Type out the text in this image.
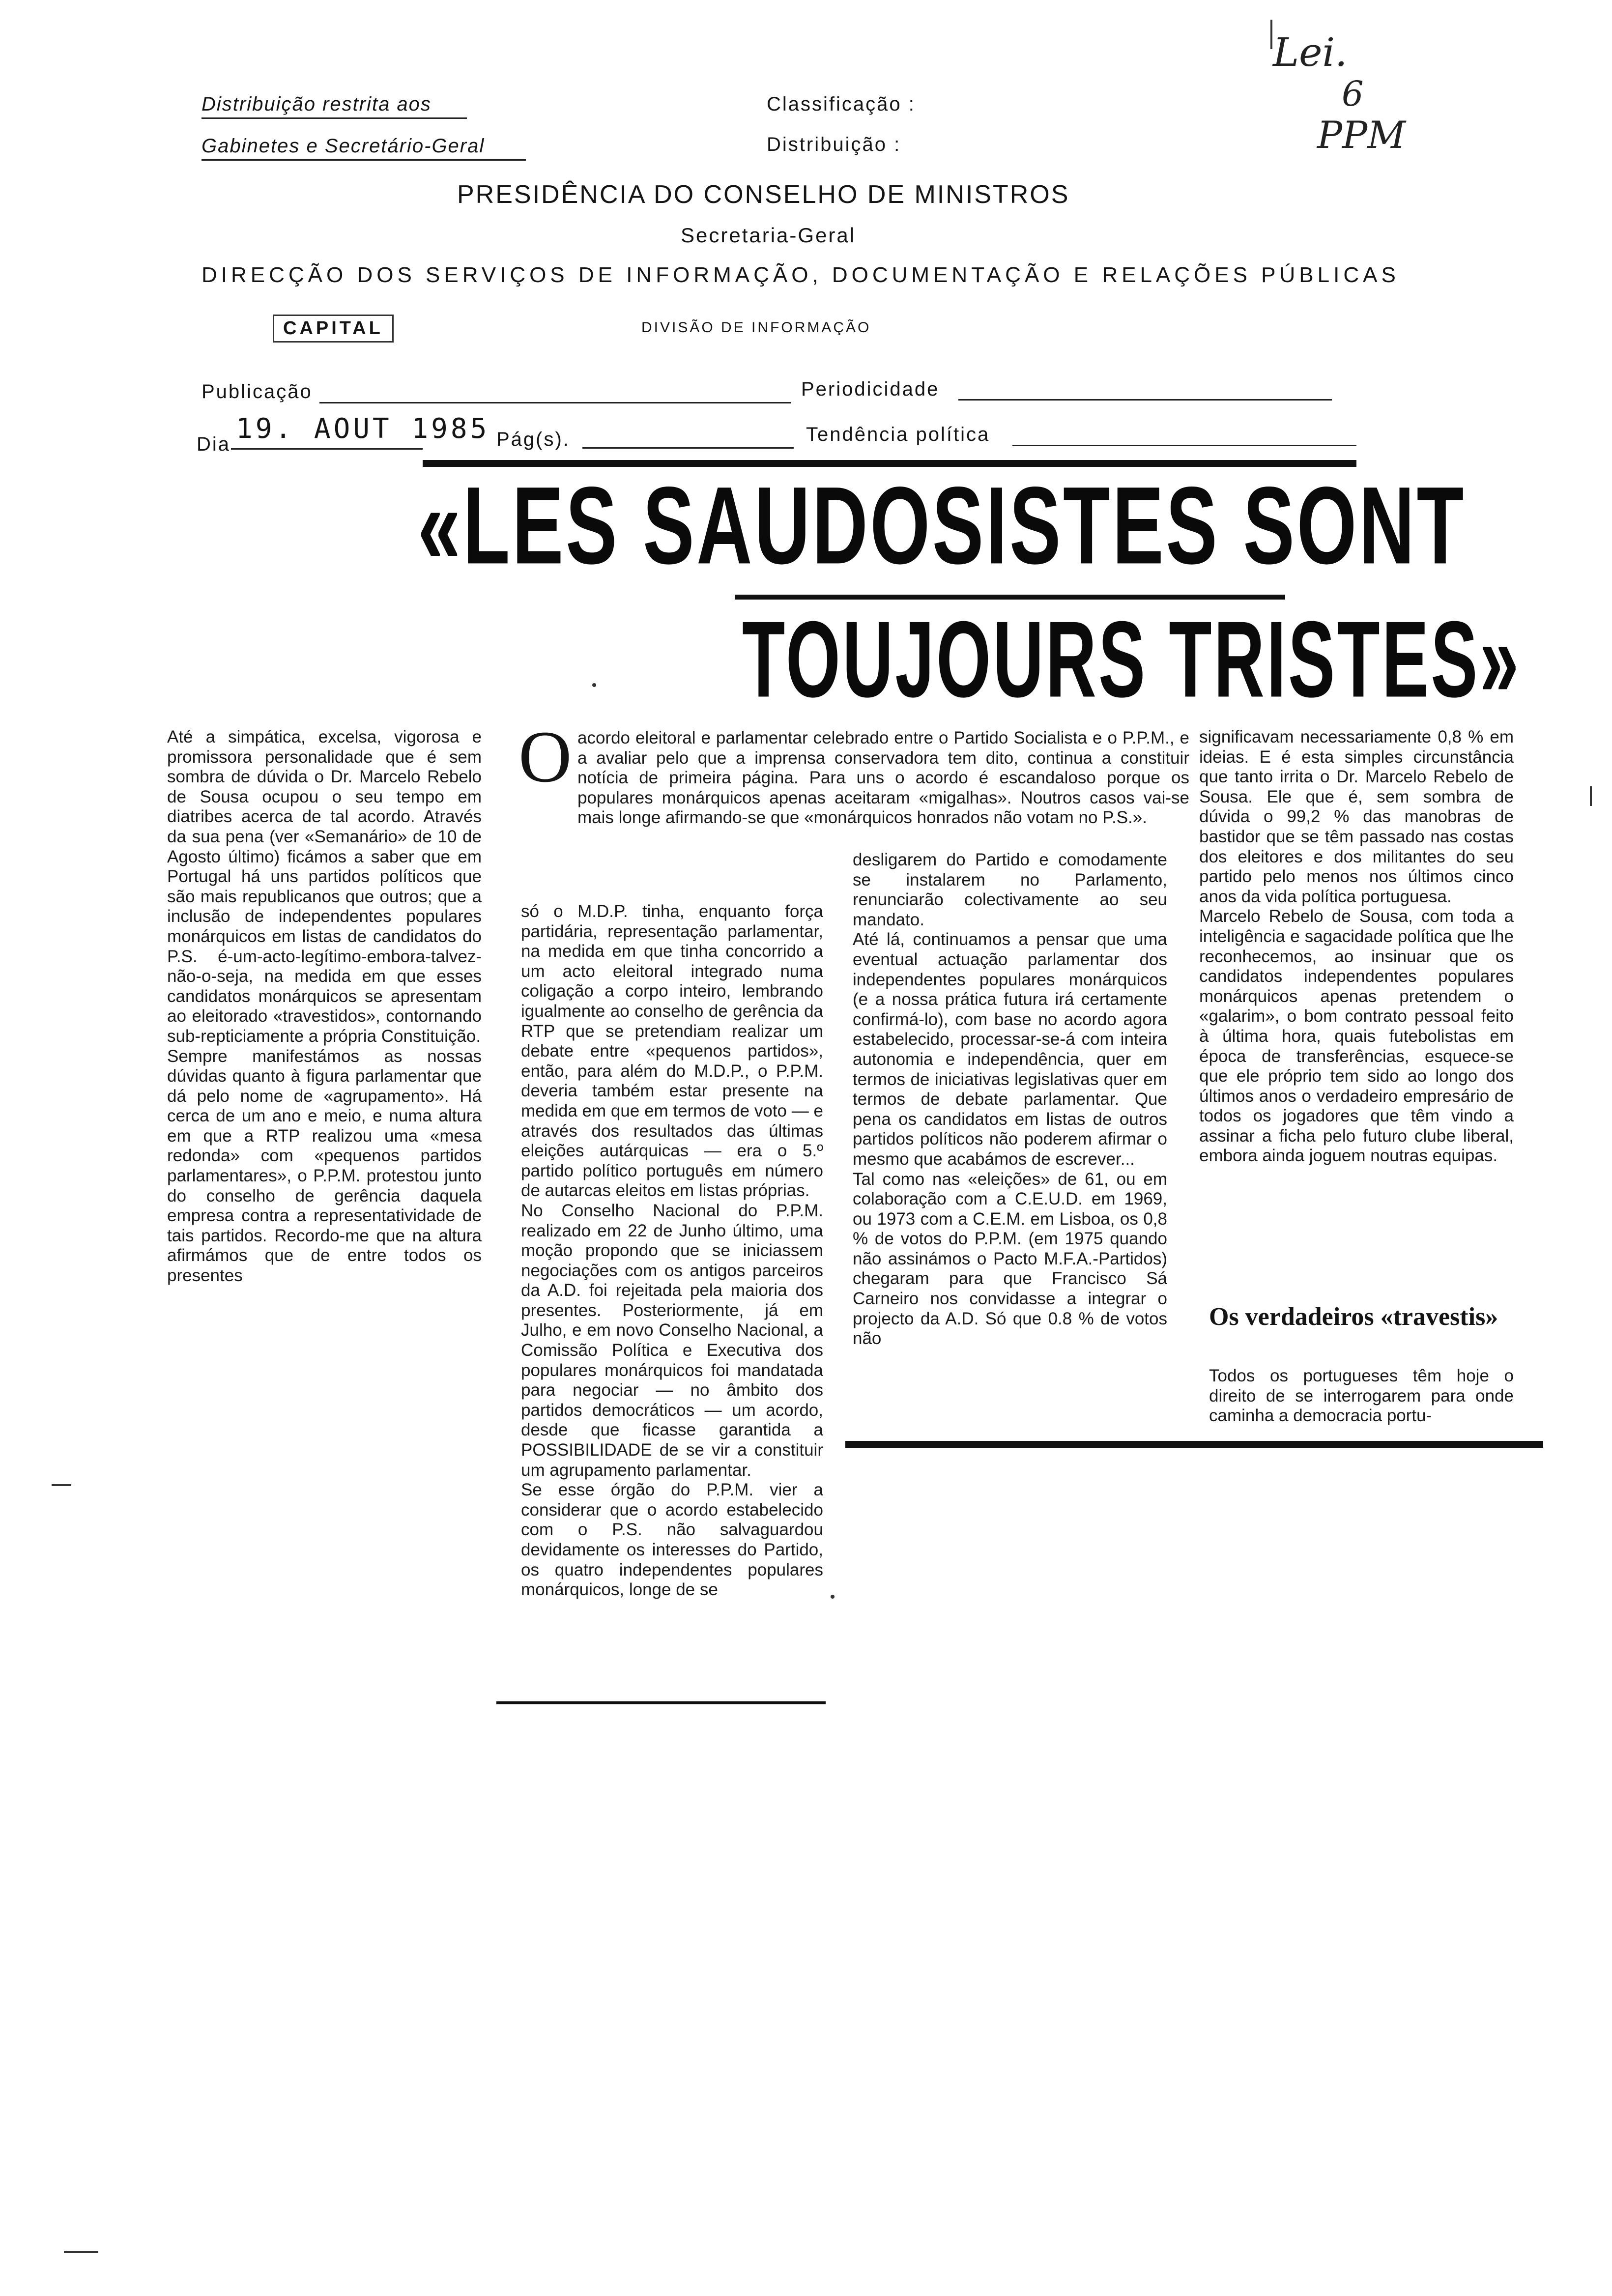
Distribuição restrita aos
Gabinetes e Secretário-Geral
Classificação :
Distribuição :
PRESIDÊNCIA DO CONSELHO DE MINISTROS
Secretaria-Geral
DIRECÇÃO DOS SERVIÇOS DE INFORMAÇÃO, DOCUMENTAÇÃO E RELAÇÕES PÚBLICAS
CAPITAL	DIVISÃO DE INFORMAÇÃO
Lei.
6
PPM
Publicação	Periodicidade
Dia 19. AOUT 1985 Pág(s).	Tendência política
«LES SAUDOSISTES SONT
TOUJOURS TRISTES»
Até a simpática, excelsa, vigorosa e promissora personalidade que é sem sombra de dúvida o Dr. Marcelo Rebelo de Sousa ocupou o seu tempo em diatribes acerca de tal acordo. Através da sua pena (ver «Semanário» de 10 de Agosto último) ficámos a saber que em Portugal há uns partidos políticos que são mais republicanos que outros; que a inclusão de independentes populares monárquicos em listas de candidatos do P.S. é-um-acto-legítimo-embora-talvez-não-o-seja, na medida em que esses candidatos monárquicos se apresentam ao eleitorado «travestidos», contornando sub-repticiamente a própria Constituição.
Sempre manifestámos as nossas dúvidas quanto à figura parlamentar que dá pelo nome de «agrupamento». Há cerca de um ano e meio, e numa altura em que a RTP realizou uma «mesa redonda» com «pequenos partidos parlamentares», o P.P.M. protestou junto do conselho de gerência daquela empresa contra a representatividade de tais partidos. Recordo-me que na altura afirmámos que de entre todos os presentes
O acordo eleitoral e parlamentar celebrado entre o Partido Socialista e o P.P.M., e a avaliar pelo que a imprensa conservadora tem dito, continua a constituir notícia de primeira página. Para uns o acordo é escandaloso porque os populares monárquicos apenas aceitaram «migalhas». Noutros casos vai-se mais longe afirmando-se que «monárquicos honrados não votam no P.S.».
só o M.D.P. tinha, enquanto força partidária, representação parlamentar, na medida em que tinha concorrido a um acto eleitoral integrado numa coligação a corpo inteiro, lembrando igualmente ao conselho de gerência da RTP que se pretendiam realizar um debate entre «pequenos partidos», então, para além do M.D.P., o P.P.M. deveria também estar presente na medida em que em termos de voto — e através dos resultados das últimas eleições autárquicas — era o 5.º partido político português em número de autarcas eleitos em listas próprias.
No Conselho Nacional do P.P.M. realizado em 22 de Junho último, uma moção propondo que se iniciassem negociações com os antigos parceiros da A.D. foi rejeitada pela maioria dos presentes. Posteriormente, já em Julho, e em novo Conselho Nacional, a Comissão Política e Executiva dos populares monárquicos foi mandatada para negociar — no âmbito dos partidos democráticos — um acordo, desde que ficasse garantida a POSSIBILIDADE de se vir a constituir um agrupamento parlamentar.
Se esse órgão do P.P.M. vier a considerar que o acordo estabelecido com o P.S. não salvaguardou devidamente os interesses do Partido, os quatro independentes populares monárquicos, longe de se
desligarem do Partido e comodamente se instalarem no Parlamento, renunciarão colectivamente ao seu mandato.
Até lá, continuamos a pensar que uma eventual actuação parlamentar dos independentes populares monárquicos (e a nossa prática futura irá certamente confirmá-lo), com base no acordo agora estabelecido, processar-se-á com inteira autonomia e independência, quer em termos de iniciativas legislativas quer em termos de debate parlamentar. Que pena os candidatos em listas de outros partidos políticos não poderem afirmar o mesmo que acabámos de escrever...
Tal como nas «eleições» de 61, ou em colaboração com a C.E.U.D. em 1969, ou 1973 com a C.E.M. em Lisboa, os 0,8 % de votos do P.P.M. (em 1975 quando não assinámos o Pacto M.F.A.-Partidos) chegaram para que Francisco Sá Carneiro nos convidasse a integrar o projecto da A.D. Só que 0.8 % de votos não
significavam necessariamente 0,8 % em ideias. E é esta simples circunstância que tanto irrita o Dr. Marcelo Rebelo de Sousa. Ele que é, sem sombra de dúvida o 99,2 % das manobras de bastidor que se têm passado nas costas dos eleitores e dos militantes do seu partido pelo menos nos últimos cinco anos da vida política portuguesa.
Marcelo Rebelo de Sousa, com toda a inteligência e sagacidade política que lhe reconhecemos, ao insinuar que os candidatos independentes populares monárquicos apenas pretendem o «galarim», o bom contrato pessoal feito à última hora, quais futebolistas em época de transferências, esquece-se que ele próprio tem sido ao longo dos últimos anos o verdadeiro empresário de todos os jogadores que têm vindo a assinar a ficha pelo futuro clube liberal, embora ainda joguem noutras equipas.
Os verdadeiros «travestis»
Todos os portugueses têm hoje o direito de se interrogarem para onde caminha a democracia portu-
